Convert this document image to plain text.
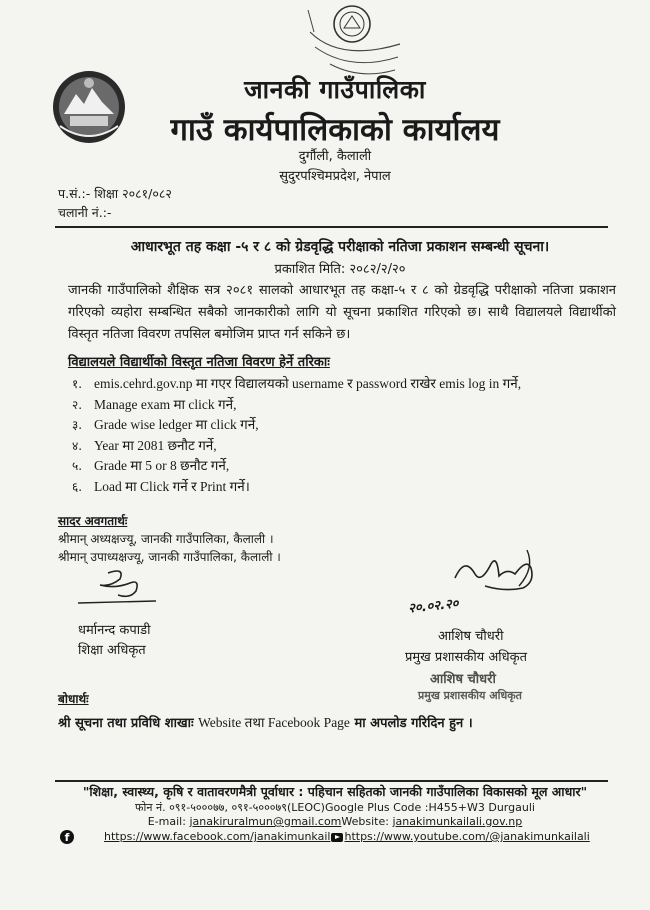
जानकी गाउँपालिका
गाउँ कार्यपालिकाको कार्यालय
दुर्गौली, कैलाली
सुदुरपश्चिमप्रदेश, नेपाल
प.सं.:- शिक्षा २०८१/०८२
चलानी नं.:-
आधारभूत तह कक्षा -५ र ८ को ग्रेडवृद्धि परीक्षाको नतिजा प्रकाशन सम्बन्धी सूचना।
प्रकाशित मिति: २०८२/२/२०
जानकी गाउँपालिको शैक्षिक सत्र २०८१ सालको आधारभूत तह कक्षा-५ र ८ को ग्रेडवृद्धि परीक्षाको नतिजा प्रकाशन गरिएको व्यहोरा सम्बन्धित सबैको जानकारीको लागि यो सूचना प्रकाशित गरिएको छ। साथै विद्यालयले विद्यार्थीको विस्तृत नतिजा विवरण तपसिल बमोजिम प्राप्त गर्न सकिने छ।
विद्यालयले विद्यार्थीको विस्तृत नतिजा विवरण हेर्ने तरिकाः
१. emis.cehrd.gov.np मा गएर विद्यालयको username र password राखेर emis log in गर्ने,
२. Manage exam मा click गर्ने,
३. Grade wise ledger मा click गर्ने,
४. Year मा 2081 छनौट गर्ने,
५. Grade मा 5 or 8 छनौट गर्ने,
६. Load मा Click गर्ने र Print गर्ने।
सादर अवगतार्थः
श्रीमान् अध्यक्षज्यू, जानकी गाउँपालिका, कैलाली ।
श्रीमान् उपाध्यक्षज्यू, जानकी गाउँपालिका, कैलाली ।
२०.०२.२०
धर्मानन्द कपाडी
शिक्षा अधिकृत
आशिष चौधरी
प्रमुख प्रशासकीय अधिकृत
आशिष चौधरी
प्रमुख प्रशासकीय अधिकृत
बोधार्थः
श्री सूचना तथा प्रविधि शाखाः Website तथा Facebook Page मा अपलोड गरिदिन हुन ।
"शिक्षा, स्वास्थ्य, कृषि र वातावरणमैत्री पूर्वाधार : पहिचान सहितको जानकी गाउँपालिका विकासको मूल आधार"
फोन नं. ०९१-५०००७७, ०९१-५०००७९(LEOC)Google Plus Code :H455+W3 Durgauli
E-mail: janakiruralmun@gmail.comWebsite: janakimunkailali.gov.np
f	https://www.facebook.com/janakimunkail https://www.youtube.com/@janakimunkailali
